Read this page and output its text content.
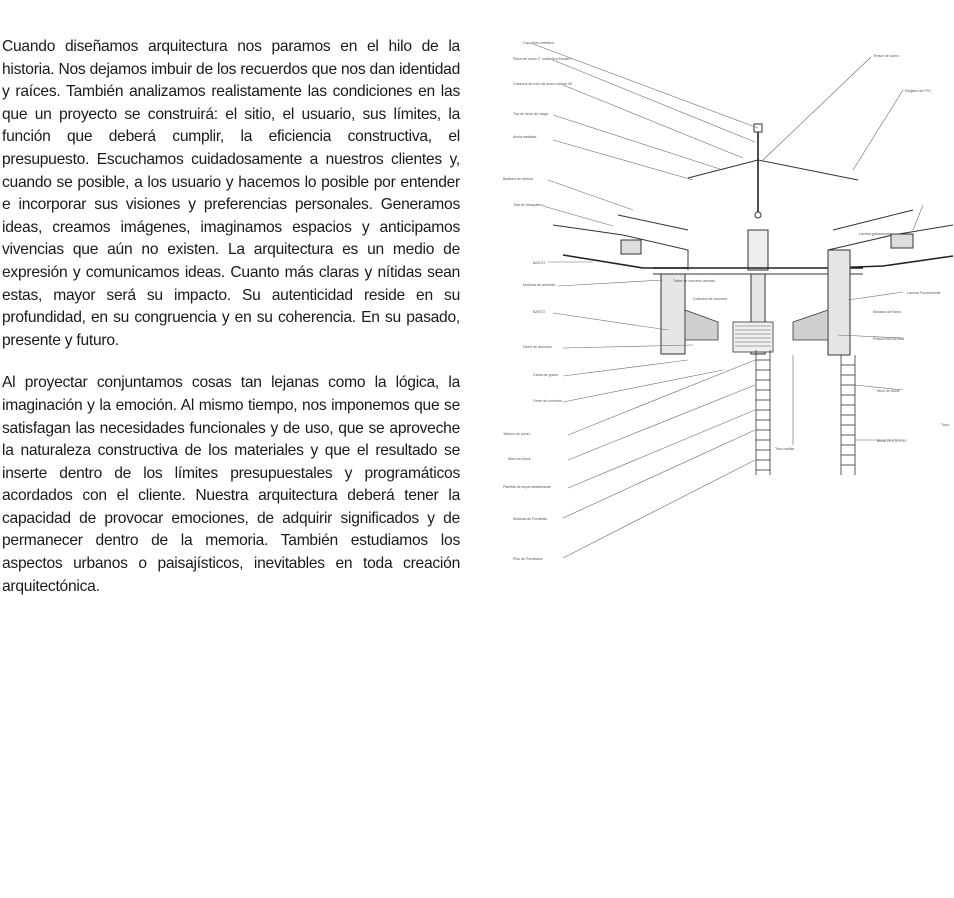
Cuando diseñamos arquitectura nos paramos en el hilo de la historia. Nos dejamos imbuir de los recuerdos que nos dan identidad y raíces. También analizamos realistamente las condiciones en las que un proyecto se construirá: el sitio, el usuario, sus límites, la función que deberá cumplir, la eficiencia constructiva, el presupuesto. Escuchamos cuidadosamente a nuestros clientes y, cuando se posible, a los usuario y hacemos lo posible por entender e incorporar sus visiones y preferencias personales. Generamos ideas, creamos imágenes, imaginamos espacios y anticipamos vivencias que aún no existen. La arquitectura es un medio de expresión y comunicamos ideas. Cuanto más claras y nítidas sean estas, mayor será su impacto. Su autenticidad reside en su profundidad, en su congruencia y en su coherencia. En su pasado, presente y futuro.

Al proyectar conjuntamos cosas tan lejanas como la lógica, la imaginación y la emoción. Al mismo tiempo, nos imponemos que se satisfagan las necesidades funcionales y de uso, que se aproveche la naturaleza constructiva de los materiales y que el resultado se inserte dentro de los límites presupuestales y programáticos acordados con el cliente. Nuestra arquitectura deberá tener la capacidad de provocar emociones, de adquirir significados y de permanecer dentro de la memoria. También estudiamos los aspectos urbanos o paisajísticos, inevitables en toda creación arquitectónica.

Capuchón metálico
Placa de unión 2" soldada a Monten
Columna de tubo de acero cédula 40
Tira de fierro de carga
Ancla metálica
Bastidor de lámina
Tela de Mosquitero
BASTO
Moldura de aluminio
BASTO
Dintel de aluminio
Cama de grava
Firme de concreto
Tablero de panel
Muro de block
Plantilla de impermeabilizante
Moldura de Portafolio
Piso de Porcelana
Tensor de acero
Registro de PVC
Lámina galvanizada
Lámina Fluorescente
Mosaico de Barro
Pintura vinil-acrílica
Muro de block
Block 20 x 20 x 40
Tubo
Trabe de concreto armado
Columna de concreto
Tres varillas
